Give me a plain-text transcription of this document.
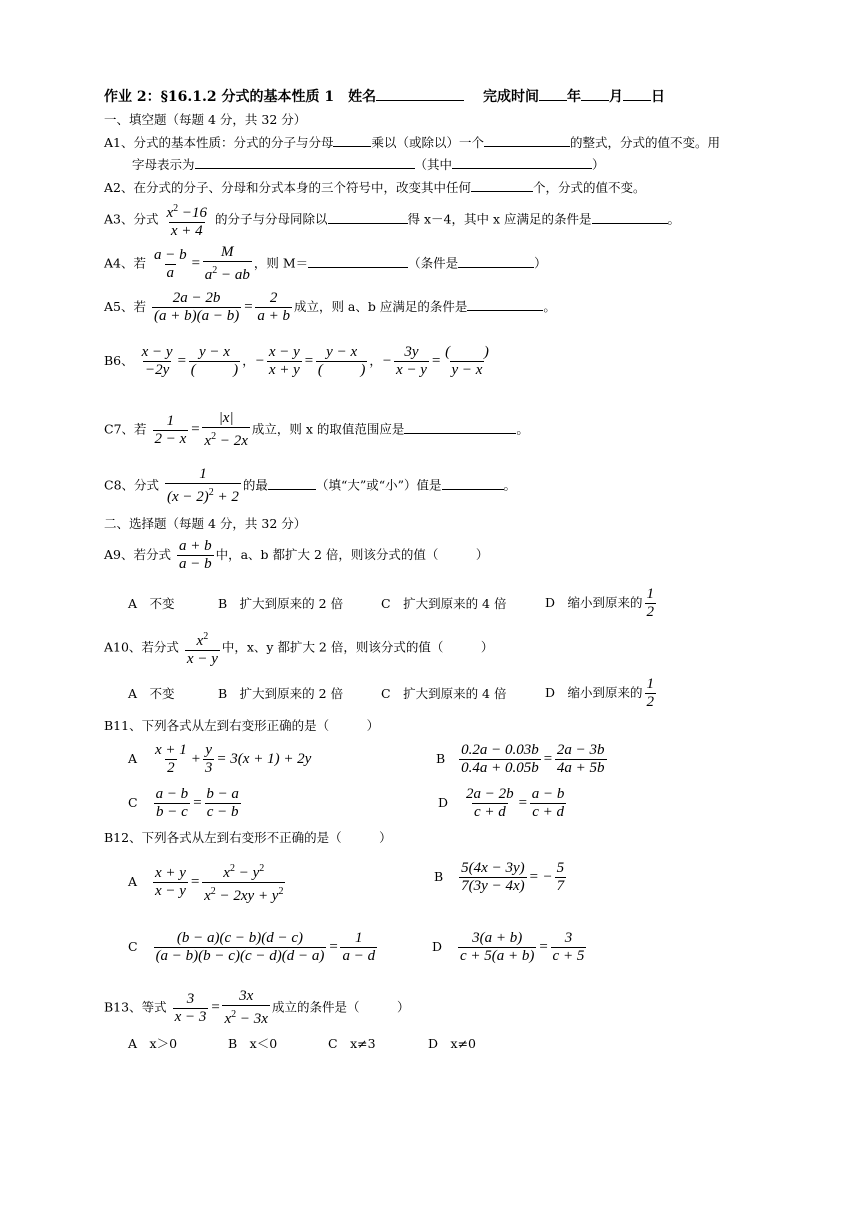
作业 2：§16.1.2 分式的基本性质 1　姓名	完成时间 年 月 日
一、填空题（每题 4 分，共 32 分）
A1、分式的基本性质：分式的分子与分母	乘以（或除以）一个	的整式，分式的值不变。用
字母表示为	（其中	）
A2、在分式的分子、分母和分式本身的三个符号中，改变其中任何	个，分式的值不变。
A3、分式 $\frac{x^2 -16}{x + 4}$ 的分子与分母同除以	得 x－4，其中 x 应满足的条件是	。
A4、若 $\frac{a - b}{a} = \frac{M}{a^2 - ab}$ ，则 M＝	（条件是	）
A5、若 $\frac{2a - 2b}{(a + b)(a - b)} = \frac{2}{a + b}$ 成立，则 a、b 应满足的条件是	。
B6、 $\frac{x - y}{-2y} = \frac{y - x}{( )}$ ，− $\frac{x - y}{x + y} = \frac{y - x}{( )}$ ，− $\frac{3y}{x - y} = \frac{( )}{y - x}$
C7、若 $\frac{1}{2 - x} = \frac{|x|}{x^2 - 2x}$ 成立，则 x 的取值范围应是	。
C8、分式 $\frac{1}{(x - 2)^2 + 2}$ 的最	（填“大”或“小”）值是	。
二、选择题（每题 4 分，共 32 分）
A9、若分式 $\frac{a + b}{a - b}$ 中，a、b 都扩大 2 倍，则该分式的值（　　　）
A　不变	B　扩大到原来的 2 倍	C　扩大到原来的 4 倍	D　缩小到原来的 $\frac{1}{2}$
A10、若分式 $\frac{x^2}{x - y}$ 中，x、y 都扩大 2 倍，则该分式的值（　　　）
A　不变	B　扩大到原来的 2 倍	C　扩大到原来的 4 倍	D　缩小到原来的 $\frac{1}{2}$
B11、下列各式从左到右变形正确的是（　　　）
A $\frac{x + 1}{2} + \frac{y}{3} = 3(x + 1) + 2y$	B $\frac{0.2a - 0.03b}{0.4a + 0.05b} = \frac{2a - 3b}{4a + 5b}$
C $\frac{a - b}{b - c} = \frac{b - a}{c - b}$	D $\frac{2a - 2b}{c + d} = \frac{a - b}{c + d}$
B12、下列各式从左到右变形不正确的是（　　　）
A $\frac{x + y}{x - y} = \frac{x^2 - y^2}{x^2 - 2xy + y^2}$	B $\frac{5(4x - 3y)}{7(3y - 4x)}$ = − $\frac{5}{7}$
C $\frac{(b - a)(c - b)(d - c)}{(a - b)(b - c)(c - d)(d - a)} = \frac{1}{a - d}$	D $\frac{3(a + b)}{c + 5(a + b)} = \frac{3}{c + 5}$
B13、等式 $\frac{3}{x - 3} = \frac{3x}{x^2 - 3x}$ 成立的条件是（　　　）
A　x＞0	B　x＜0	C　x≠3	D　x≠0
